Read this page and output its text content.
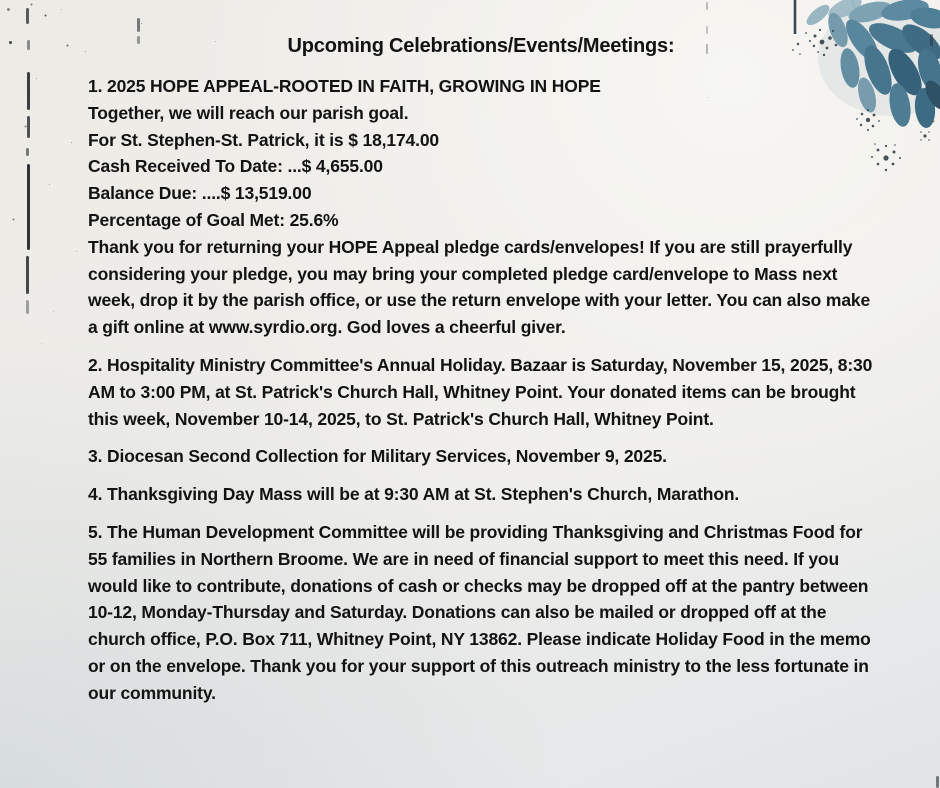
Upcoming Celebrations/Events/Meetings:
1. 2025 HOPE APPEAL-ROOTED IN FAITH, GROWING IN HOPE
Together, we will reach our parish goal.
For St. Stephen-St. Patrick, it is $ 18,174.00
Cash Received To Date: ...$ 4,655.00
Balance Due: ....$ 13,519.00
Percentage of Goal Met: 25.6%
Thank you for returning your HOPE Appeal pledge cards/envelopes! If you are still prayerfully considering your pledge, you may bring your completed pledge card/envelope to Mass next week, drop it by the parish office, or use the return envelope with your letter. You can also make a gift online at www.syrdio.org. God loves a cheerful giver.
2. Hospitality Ministry Committee's Annual Holiday. Bazaar is Saturday, November 15, 2025, 8:30 AM to 3:00 PM, at St. Patrick's Church Hall, Whitney Point. Your donated items can be brought this week, November 10-14, 2025, to St. Patrick's Church Hall, Whitney Point.
3. Diocesan Second Collection for Military Services, November 9, 2025.
4. Thanksgiving Day Mass will be at 9:30 AM at St. Stephen's Church, Marathon.
5. The Human Development Committee will be providing Thanksgiving and Christmas Food for 55 families in Northern Broome. We are in need of financial support to meet this need. If you would like to contribute, donations of cash or checks may be dropped off at the pantry between 10-12, Monday-Thursday and Saturday. Donations can also be mailed or dropped off at the church office, P.O. Box 711, Whitney Point, NY 13862. Please indicate Holiday Food in the memo or on the envelope. Thank you for your support of this outreach ministry to the less fortunate in our community.
